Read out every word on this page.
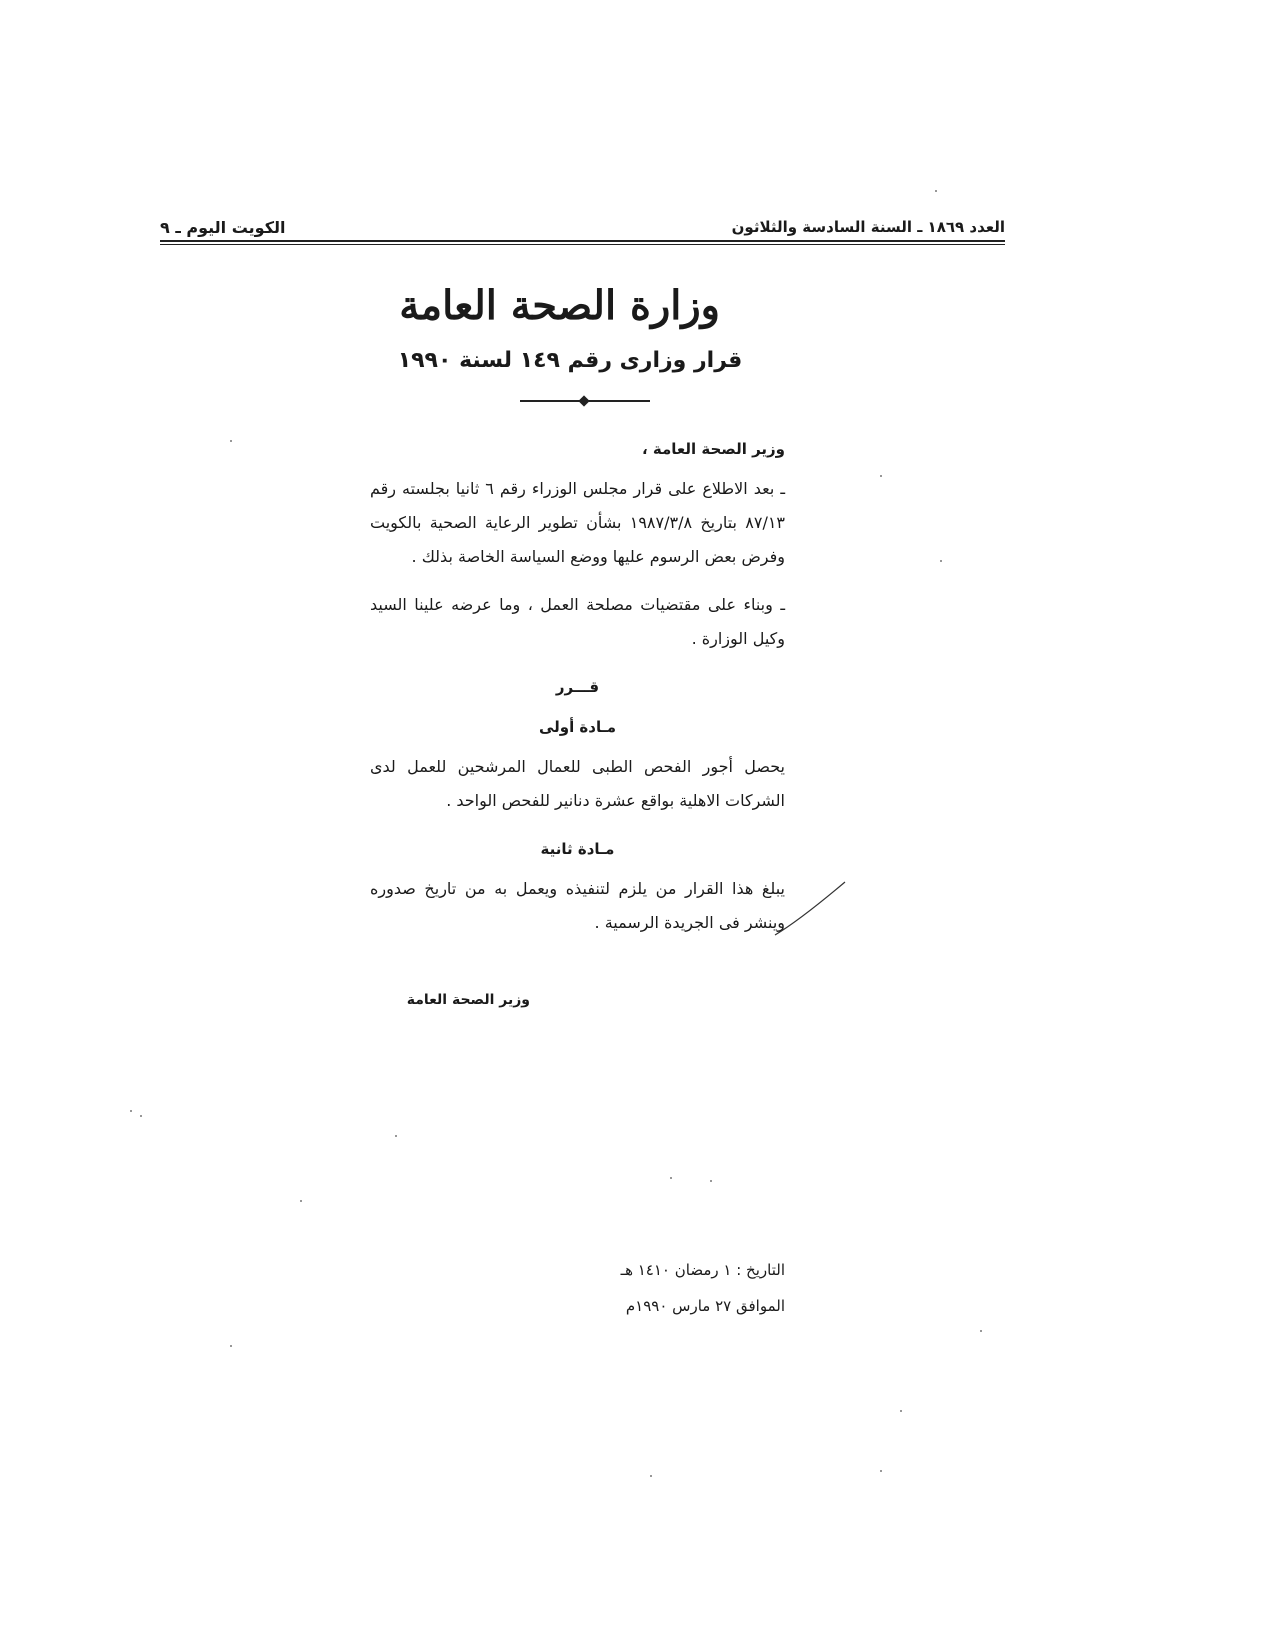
العدد ١٨٦٩ ـ السنة السادسة والثلاثون
الكويت اليوم ـ ٩
وزارة الصحة العامة
قرار وزارى رقم ١٤٩ لسنة ١٩٩٠

وزير الصحة العامة ،

ـ بعد الاطلاع على قرار مجلس الوزراء رقم ٦ ثانيا بجلسته رقم ٨٧/١٣ بتاريخ ١٩٨٧/٣/٨ بشأن تطوير الرعاية الصحية بالكويت وفرض بعض الرسوم عليها ووضع السياسة الخاصة بذلك .

ـ وبناء على مقتضيات مصلحة العمل ، وما عرضه علينا السيد وكيل الوزارة .

قـــرر

مـادة أولى

يحصل أجور الفحص الطبى للعمال المرشحين للعمل لدى الشركات الاهلية بواقع عشرة دنانير للفحص الواحد .

مـادة ثانية

يبلغ هذا القرار من يلزم لتنفيذه ويعمل به من تاريخ صدوره وينشر فى الجريدة الرسمية .

وزير الصحة العامة
التاريخ : ١ رمضان ١٤١٠ هـ
الموافق ٢٧ مارس ١٩٩٠م
